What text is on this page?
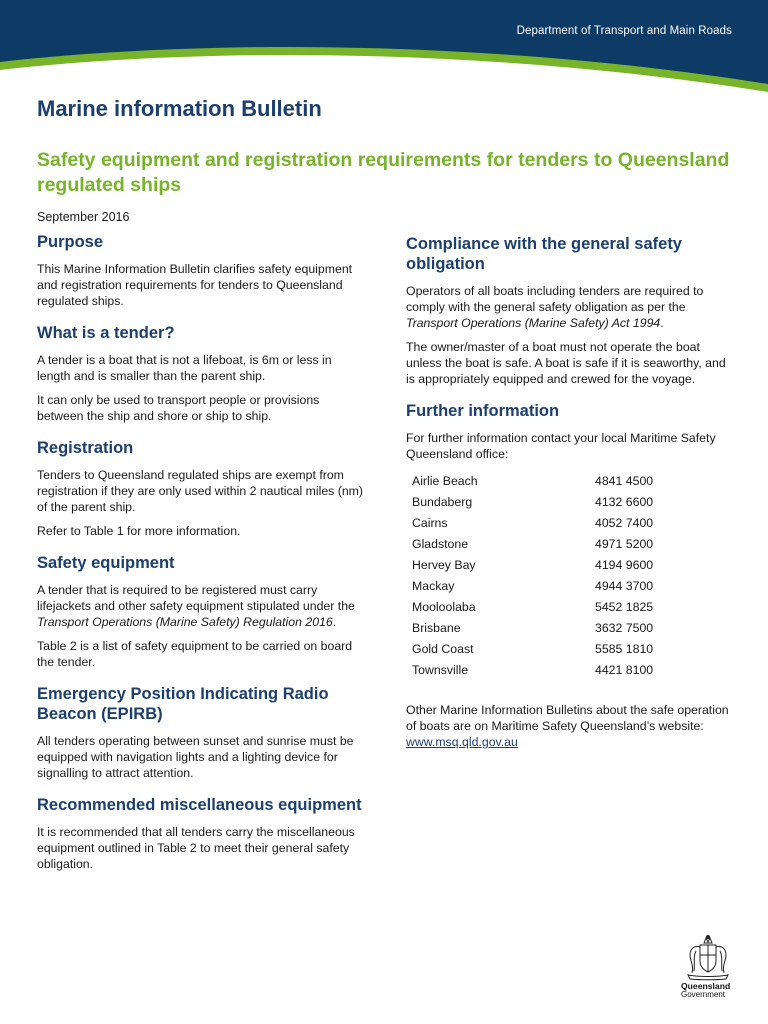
Department of Transport and Main Roads
Marine information Bulletin
Safety equipment and registration requirements for tenders to Queensland regulated ships
September 2016
Purpose

This Marine Information Bulletin clarifies safety equipment and registration requirements for tenders to Queensland regulated ships.

What is a tender?

A tender is a boat that is not a lifeboat, is 6m or less in length and is smaller than the parent ship.

It can only be used to transport people or provisions between the ship and shore or ship to ship.

Registration

Tenders to Queensland regulated ships are exempt from registration if they are only used within 2 nautical miles (nm) of the parent ship.

Refer to Table 1 for more information.

Safety equipment

A tender that is required to be registered must carry lifejackets and other safety equipment stipulated under the Transport Operations (Marine Safety) Regulation 2016.

Table 2 is a list of safety equipment to be carried on board the tender.

Emergency Position Indicating Radio Beacon (EPIRB)

All tenders operating between sunset and sunrise must be equipped with navigation lights and a lighting device for signalling to attract attention.

Recommended miscellaneous equipment

It is recommended that all tenders carry the miscellaneous equipment outlined in Table 2 to meet their general safety obligation.

Compliance with the general safety obligation

Operators of all boats including tenders are required to comply with the general safety obligation as per the Transport Operations (Marine Safety) Act 1994.

The owner/master of a boat must not operate the boat unless the boat is safe. A boat is safe if it is seaworthy, and is appropriately equipped and crewed for the voyage.

Further information

For further information contact your local Maritime Safety Queensland office:

Airlie Beach	4841 4500
Bundaberg	4132 6600
Cairns	4052 7400
Gladstone	4971 5200
Hervey Bay	4194 9600
Mackay	4944 3700
Mooloolaba	5452 1825
Brisbane	3632 7500
Gold Coast	5585 1810
Townsville	4421 8100

Other Marine Information Bulletins about the safe operation of boats are on Maritime Safety Queensland’s website: www.msq.qld.gov.au

Queensland
Government
